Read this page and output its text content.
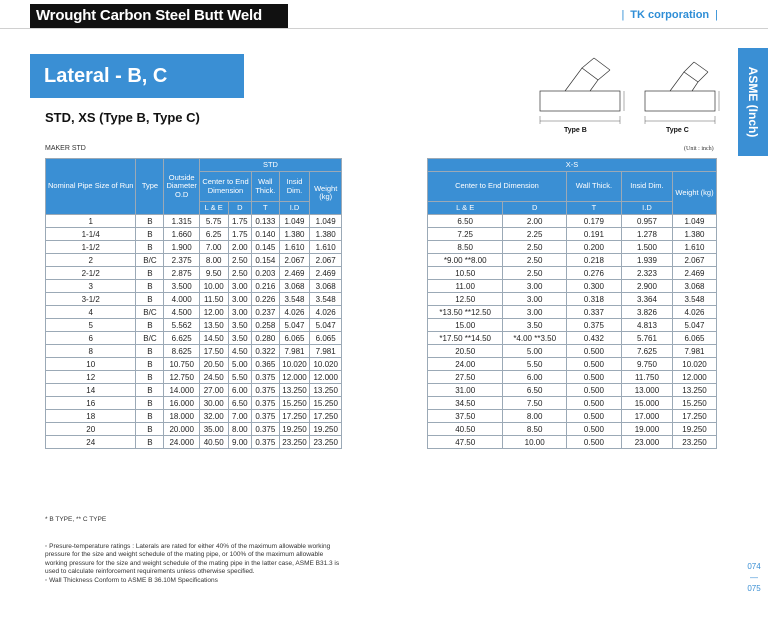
Wrought Carbon Steel Butt Weld Pipe Fittings
| TK corporation |
Lateral - B, C
STD, XS (Type B, Type C)
Type B	Type C
(Unit : inch)
ASME (Inch)
MAKER STD
Nominal Pipe Size of Run	Type	Outside Diameter O.D	STD				
			Center to End Dimension		Wall Thick.	Insid Dim.	Weight (kg)
			L & E	D	T	I.D	
1	B	1.315	5.75	1.75	0.133	1.049	1.049
1-1/4	B	1.660	6.25	1.75	0.140	1.380	1.380
1-1/2	B	1.900	7.00	2.00	0.145	1.610	1.610
2	B/C	2.375	8.00	2.50	0.154	2.067	2.067
2-1/2	B	2.875	9.50	2.50	0.203	2.469	2.469
3	B	3.500	10.00	3.00	0.216	3.068	3.068
3-1/2	B	4.000	11.50	3.00	0.226	3.548	3.548
4	B/C	4.500	12.00	3.00	0.237	4.026	4.026
5	B	5.562	13.50	3.50	0.258	5.047	5.047
6	B/C	6.625	14.50	3.50	0.280	6.065	6.065
8	B	8.625	17.50	4.50	0.322	7.981	7.981
10	B	10.750	20.50	5.00	0.365	10.020	10.020
12	B	12.750	24.50	5.50	0.375	12.000	12.000
14	B	14.000	27.00	6.00	0.375	13.250	13.250
16	B	16.000	30.00	6.50	0.375	15.250	15.250
18	B	18.000	32.00	7.00	0.375	17.250	17.250
20	B	20.000	35.00	8.00	0.375	19.250	19.250
24	B	24.000	40.50	9.00	0.375	23.250	23.250
X-S				
Center to End Dimension		Wall Thick.	Insid Dim.	Weight (kg)
L & E	D	T	I.D	
6.50	2.00	0.179	0.957	1.049
7.25	2.25	0.191	1.278	1.380
8.50	2.50	0.200	1.500	1.610
*9.00 **8.00	2.50	0.218	1.939	2.067
10.50	2.50	0.276	2.323	2.469
11.00	3.00	0.300	2.900	3.068
12.50	3.00	0.318	3.364	3.548
*13.50 **12.50	3.00	0.337	3.826	4.026
15.00	3.50	0.375	4.813	5.047
*17.50 **14.50	*4.00 **3.50	0.432	5.761	6.065
20.50	5.00	0.500	7.625	7.981
24.00	5.50	0.500	9.750	10.020
27.50	6.00	0.500	11.750	12.000
31.00	6.50	0.500	13.000	13.250
34.50	7.50	0.500	15.000	15.250
37.50	8.00	0.500	17.000	17.250
40.50	8.50	0.500	19.000	19.250
47.50	10.00	0.500	23.000	23.250
* B TYPE, ** C TYPE

◦ Presure-temperature ratings : Laterals are rated for either 40% of the maximum allowable working pressure for the size and weight schedule of the mating pipe, or 100% of the maximum allowable working pressure for the size and weight schedule of the mating pipe in the latter case, ASME B31.3 is used to calculate reinforcement requirements unless otherwise specified.

◦ Wall Thickness Conform to ASME B 36.10M Specifications

074
—
075
